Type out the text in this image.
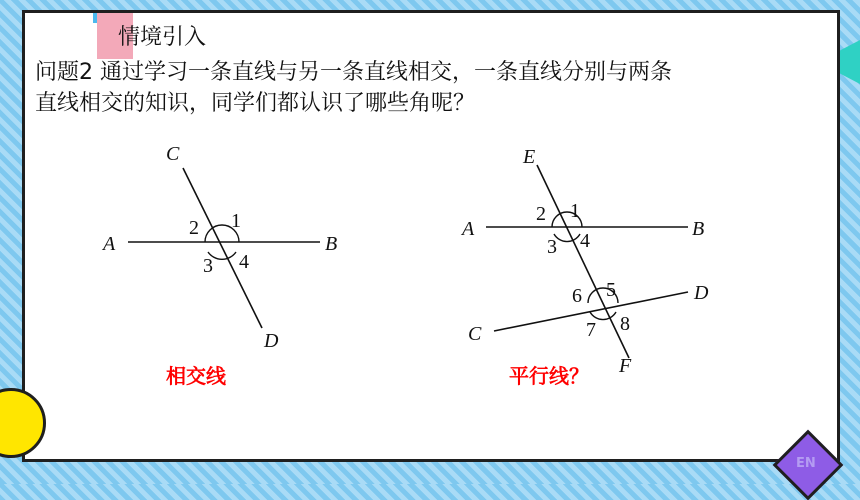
情境引入
问题2 通过学习一条直线与另一条直线相交，一条直线分别与两条
直线相交的知识，同学们都认识了哪些角呢？
C
D
A	B
1
2
3 4
E
F
A	B
C
D
1
2
3 4
5
6
7 8
相交线	平行线？
EN
